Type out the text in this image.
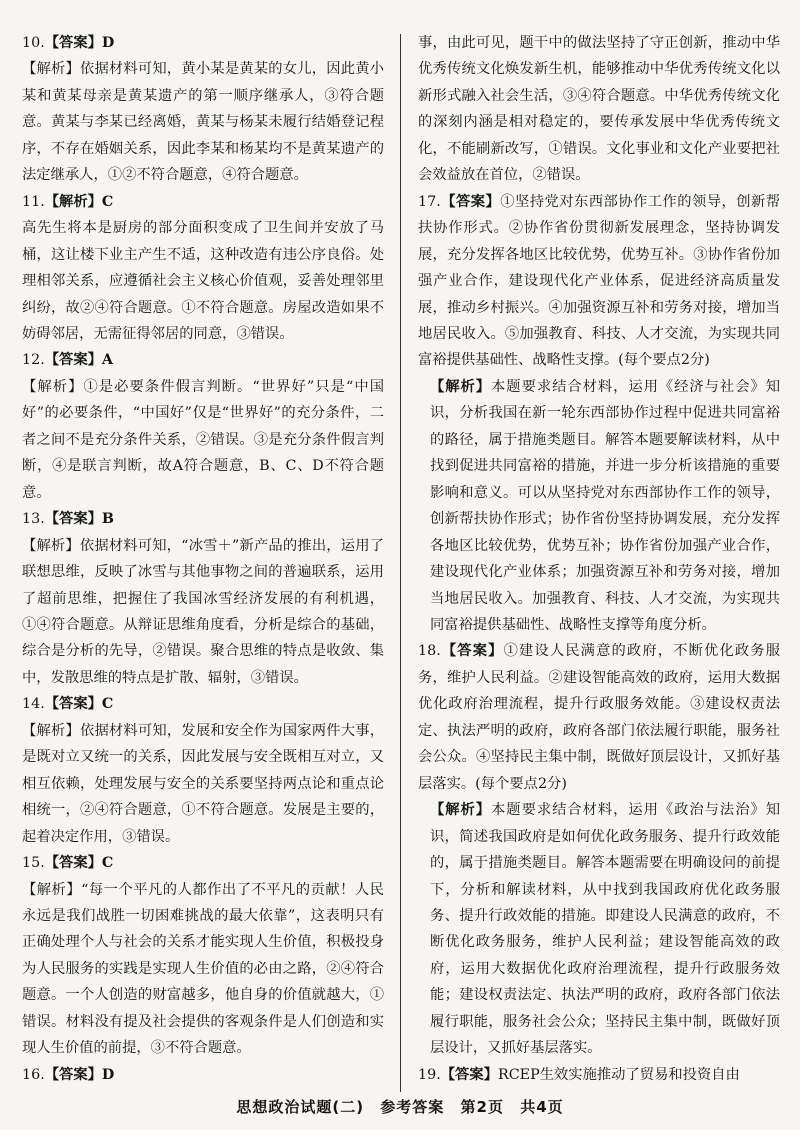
10.【答案】D
【解析】依据材料可知，黄小某是黄某的女儿，因此黄小某和黄某母亲是黄某遗产的第一顺序继承人，③符合题意。黄某与李某已经离婚，黄某与杨某未履行结婚登记程序，不存在婚姻关系，因此李某和杨某均不是黄某遗产的法定继承人，①②不符合题意，④符合题意。
11.【解析】C
高先生将本是厨房的部分面积变成了卫生间并安放了马桶，这让楼下业主产生不适，这种改造有违公序良俗。处理相邻关系，应遵循社会主义核心价值观，妥善处理邻里纠纷，故②④符合题意。①不符合题意。房屋改造如果不妨碍邻居，无需征得邻居的同意，③错误。
12.【答案】A
【解析】①是必要条件假言判断。“世界好”只是“中国好”的必要条件，“中国好”仅是“世界好”的充分条件，二者之间不是充分条件关系，②错误。③是充分条件假言判断，④是联言判断，故A符合题意，B、C、D不符合题意。
13.【答案】B
【解析】依据材料可知，“冰雪＋”新产品的推出，运用了联想思维，反映了冰雪与其他事物之间的普遍联系，运用了超前思维，把握住了我国冰雪经济发展的有利机遇，①④符合题意。从辩证思维角度看，分析是综合的基础，综合是分析的先导，②错误。聚合思维的特点是收敛、集中，发散思维的特点是扩散、辐射，③错误。
14.【答案】C
【解析】依据材料可知，发展和安全作为国家两件大事，是既对立又统一的关系，因此发展与安全既相互对立，又相互依赖，处理发展与安全的关系要坚持两点论和重点论相统一，②④符合题意，①不符合题意。发展是主要的，起着决定作用，③错误。
15.【答案】C
【解析】“每一个平凡的人都作出了不平凡的贡献！人民永远是我们战胜一切困难挑战的最大依靠”，这表明只有正确处理个人与社会的关系才能实现人生价值，积极投身为人民服务的实践是实现人生价值的必由之路，②④符合题意。一个人创造的财富越多，他自身的价值就越大，①错误。材料没有提及社会提供的客观条件是人们创造和实现人生价值的前提，③不符合题意。
16.【答案】D
事，由此可见，题干中的做法坚持了守正创新，推动中华优秀传统文化焕发新生机，能够推动中华优秀传统文化以新形式融入社会生活，③④符合题意。中华优秀传统文化的深刻内涵是相对稳定的，要传承发展中华优秀传统文化，不能刷新改写，①错误。文化事业和文化产业要把社会效益放在首位，②错误。
17.【答案】①坚持党对东西部协作工作的领导，创新帮扶协作形式。②协作省份贯彻新发展理念，坚持协调发展，充分发挥各地区比较优势，优势互补。③协作省份加强产业合作，建设现代化产业体系，促进经济高质量发展，推动乡村振兴。④加强资源互补和劳务对接，增加当地居民收入。⑤加强教育、科技、人才交流，为实现共同富裕提供基础性、战略性支撑。(每个要点2分)
【解析】本题要求结合材料，运用《经济与社会》知识，分析我国在新一轮东西部协作过程中促进共同富裕的路径，属于措施类题目。解答本题要解读材料，从中找到促进共同富裕的措施，并进一步分析该措施的重要影响和意义。可以从坚持党对东西部协作工作的领导，创新帮扶协作形式；协作省份坚持协调发展，充分发挥各地区比较优势，优势互补；协作省份加强产业合作，建设现代化产业体系；加强资源互补和劳务对接，增加当地居民收入。加强教育、科技、人才交流，为实现共同富裕提供基础性、战略性支撑等角度分析。
18.【答案】①建设人民满意的政府，不断优化政务服务，维护人民利益。②建设智能高效的政府，运用大数据优化政府治理流程，提升行政服务效能。③建设权责法定、执法严明的政府，政府各部门依法履行职能，服务社会公众。④坚持民主集中制，既做好顶层设计，又抓好基层落实。(每个要点2分)
【解析】本题要求结合材料，运用《政治与法治》知识，简述我国政府是如何优化政务服务、提升行政效能的，属于措施类题目。解答本题需要在明确设问的前提下，分析和解读材料，从中找到我国政府优化政务服务、提升行政效能的措施。即建设人民满意的政府，不断优化政务服务，维护人民利益；建设智能高效的政府，运用大数据优化政府治理流程，提升行政服务效能；建设权责法定、执法严明的政府，政府各部门依法履行职能，服务社会公众；坚持民主集中制，既做好顶层设计，又抓好基层落实。
19.【答案】RCEP生效实施推动了贸易和投资自由
思想政治试题(二) 参考答案 第2页 共4页
